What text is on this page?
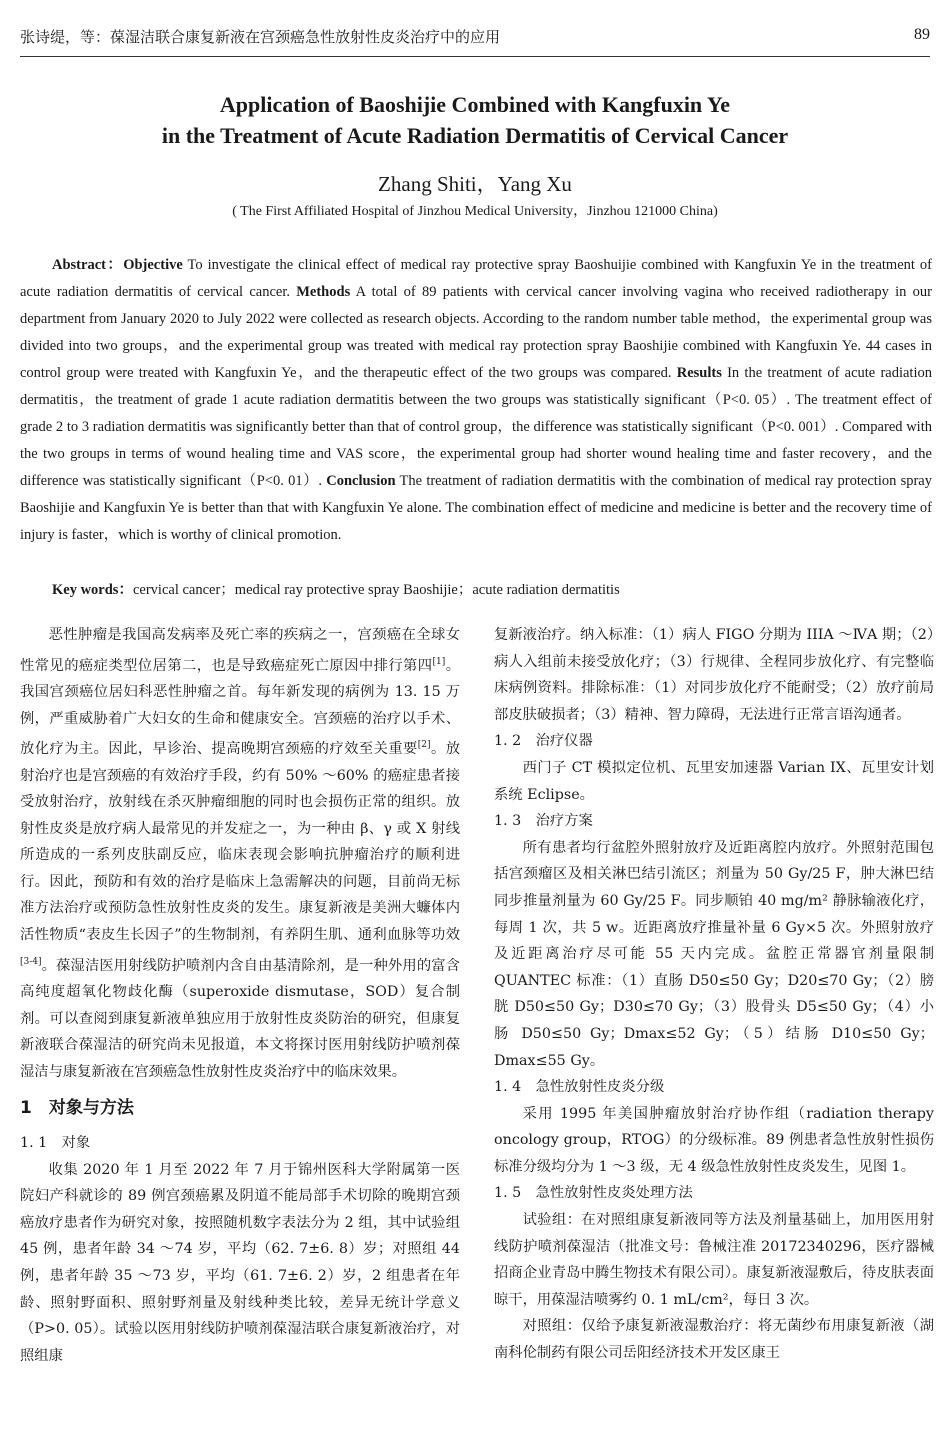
张诗缇，等：葆湿洁联合康复新液在宫颈癌急性放射性皮炎治疗中的应用	89
Application of Baoshijie Combined with Kangfuxin Ye
in the Treatment of Acute Radiation Dermatitis of Cervical Cancer
Zhang Shiti，Yang Xu
( The First Affiliated Hospital of Jinzhou Medical University，Jinzhou 121000 China)
Abstract：Objective To investigate the clinical effect of medical ray protective spray Baoshuijie combined with Kangfuxin Ye in the treatment of acute radiation dermatitis of cervical cancer. Methods A total of 89 patients with cervical cancer involving vagina who received radiotherapy in our department from January 2020 to July 2022 were collected as research objects. According to the random number table method，the experimental group was divided into two groups，and the experimental group was treated with medical ray protection spray Baoshijie combined with Kangfuxin Ye. 44 cases in control group were treated with Kangfuxin Ye，and the therapeutic effect of the two groups was compared. Results In the treatment of acute radiation dermatitis，the treatment of grade 1 acute radiation dermatitis between the two groups was statistically significant（P<0. 05）. The treatment effect of grade 2 to 3 radiation dermatitis was significantly better than that of control group，the difference was statistically significant（P<0. 001）. Compared with the two groups in terms of wound healing time and VAS score，the experimental group had shorter wound healing time and faster recovery，and the difference was statistically significant（P<0. 01）. Conclusion The treatment of radiation dermatitis with the combination of medical ray protection spray Baoshijie and Kangfuxin Ye is better than that with Kangfuxin Ye alone. The combination effect of medicine and medicine is better and the recovery time of injury is faster，which is worthy of clinical promotion.
Key words：cervical cancer；medical ray protective spray Baoshijie；acute radiation dermatitis

恶性肿瘤是我国高发病率及死亡率的疾病之一，宫颈癌在全球女性常见的癌症类型位居第二，也是导致癌症死亡原因中排行第四[1]。我国宫颈癌位居妇科恶性肿瘤之首。每年新发现的病例为 13. 15 万例，严重威胁着广大妇女的生命和健康安全。宫颈癌的治疗以手术、放化疗为主。因此，早诊治、提高晚期宫颈癌的疗效至关重要[2]。放射治疗也是宫颈癌的有效治疗手段，约有 50% ～60% 的癌症患者接受放射治疗，放射线在杀灭肿瘤细胞的同时也会损伤正常的组织。放射性皮炎是放疗病人最常见的并发症之一，为一种由 β、γ 或 X 射线所造成的一系列皮肤副反应，临床表现会影响抗肿瘤治疗的顺利进行。因此，预防和有效的治疗是临床上急需解决的问题，目前尚无标准方法治疗或预防急性放射性皮炎的发生。康复新液是美洲大蠊体内活性物质“表皮生长因子”的生物制剂，有养阴生肌、通利血脉等功效[3-4]。葆湿洁医用射线防护喷剂内含自由基清除剂，是一种外用的富含高纯度超氧化物歧化酶（superoxide dismutase，SOD）复合制剂。可以查阅到康复新液单独应用于放射性皮炎防治的研究，但康复新液联合葆湿洁的研究尚未见报道，本文将探讨医用射线防护喷剂葆湿洁与康复新液在宫颈癌急性放射性皮炎治疗中的临床效果。

1　对象与方法
1. 1　对象

收集 2020 年 1 月至 2022 年 7 月于锦州医科大学附属第一医院妇产科就诊的 89 例宫颈癌累及阴道不能局部手术切除的晚期宫颈癌放疗患者作为研究对象，按照随机数字表法分为 2 组，其中试验组 45 例，患者年龄 34 ～74 岁，平均（62. 7±6. 8）岁；对照组 44 例，患者年龄 35 ～73 岁，平均（61. 7±6. 2）岁，2 组患者在年龄、照射野面积、照射野剂量及射线种类比较，差异无统计学意义（P>0. 05）。试验以医用射线防护喷剂葆湿洁联合康复新液治疗，对照组康

复新液治疗。纳入标准：（1）病人 FIGO 分期为 IIIA ～ⅣA 期；（2）病人入组前未接受放化疗；（3）行规律、全程同步放化疗、有完整临床病例资料。排除标准：（1）对同步放化疗不能耐受；（2）放疗前局部皮肤破损者；（3）精神、智力障碍，无法进行正常言语沟通者。

1. 2　治疗仪器

西门子 CT 模拟定位机、瓦里安加速器 Varian IX、瓦里安计划系统 Eclipse。

1. 3　治疗方案

所有患者均行盆腔外照射放疗及近距离腔内放疗。外照射范围包括宫颈瘤区及相关淋巴结引流区；剂量为 50 Gy/25 F，肿大淋巴结同步推量剂量为 60 Gy/25 F。同步顺铂 40 mg/m² 静脉输液化疗，每周 1 次，共 5 w。近距离放疗推量补量 6 Gy×5 次。外照射放疗及近距离治疗尽可能 55 天内完成。盆腔正常器官剂量限制 QUANTEC 标准：（1）直肠 D50≤50 Gy；D20≤70 Gy；（2）膀胱 D50≤50 Gy；D30≤70 Gy；（3）股骨头 D5≤50 Gy；（4）小肠 D50≤50 Gy；Dmax≤52 Gy；（5）结肠 D10≤50 Gy；Dmax≤55 Gy。

1. 4　急性放射性皮炎分级

采用 1995 年美国肿瘤放射治疗协作组（radiation therapy oncology group，RTOG）的分级标准。89 例患者急性放射性损伤标准分级均分为 1 ～3 级，无 4 级急性放射性皮炎发生，见图 1。

1. 5　急性放射性皮炎处理方法

试验组：在对照组康复新液同等方法及剂量基础上，加用医用射线防护喷剂葆湿洁（批准文号：鲁械注准 20172340296，医疗器械招商企业青岛中腾生物技术有限公司）。康复新液湿敷后，待皮肤表面晾干，用葆湿洁喷雾约 0. 1 mL/cm²，每日 3 次。

对照组：仅给予康复新液湿敷治疗：将无菌纱布用康复新液（湖南科伦制药有限公司岳阳经济技术开发区康王
